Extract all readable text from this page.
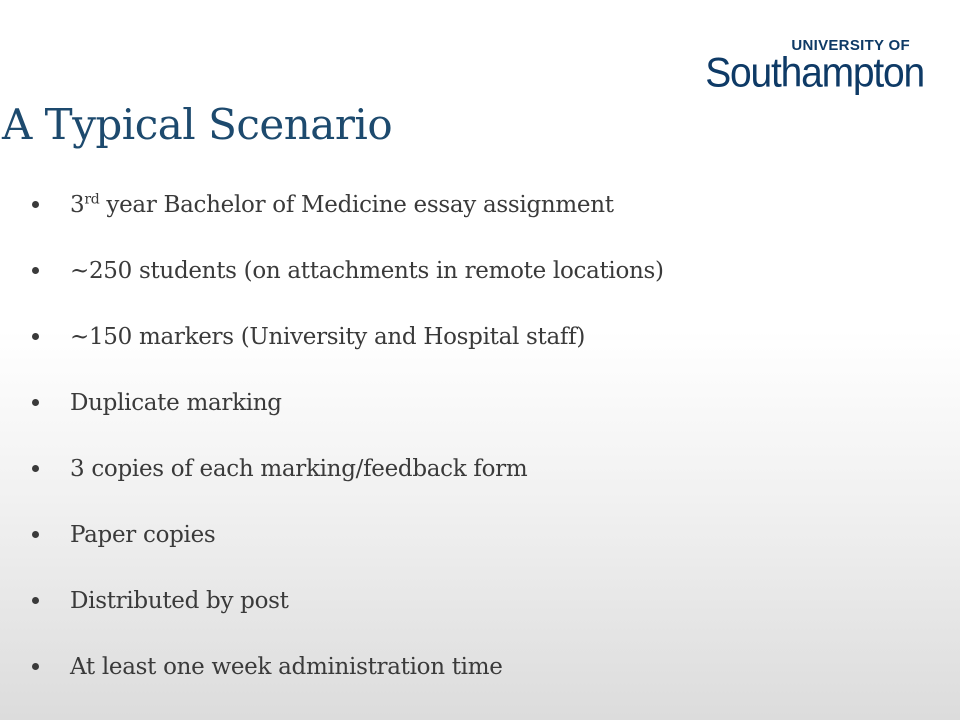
UNIVERSITY OF
Southampton
A Typical Scenario
3rd year Bachelor of Medicine essay assignment
~250 students (on attachments in remote locations)
~150 markers (University and Hospital staff)
Duplicate marking
3 copies of each marking/feedback form
Paper copies
Distributed by post
At least one week administration time
